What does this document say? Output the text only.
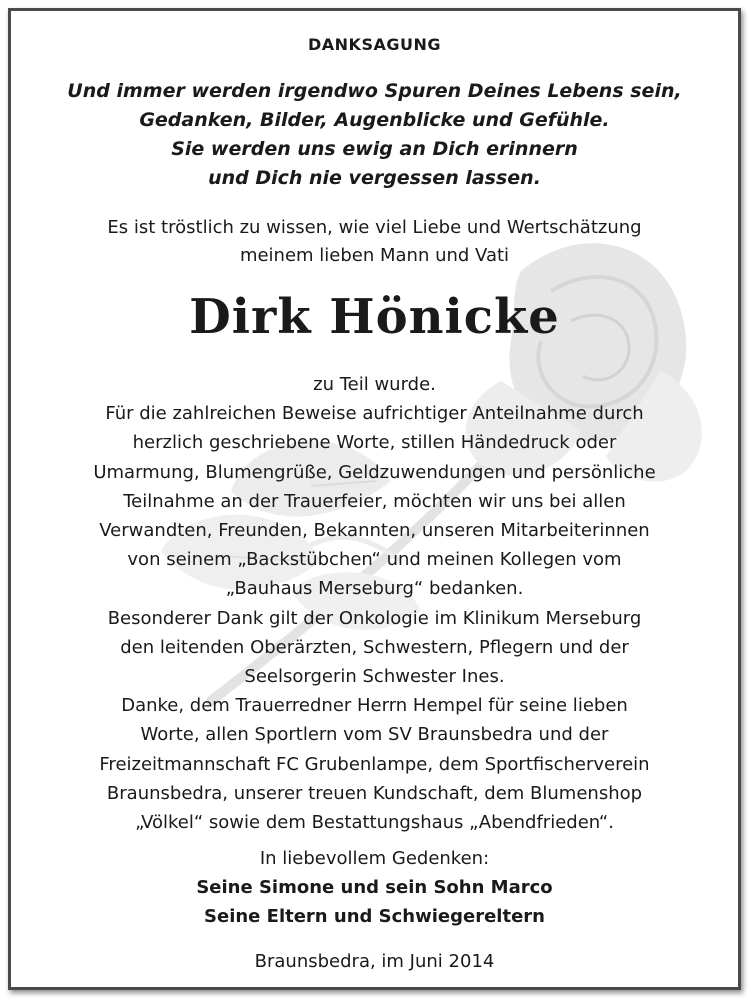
DANKSAGUNG
Und immer werden irgendwo Spuren Deines Lebens sein,
Gedanken, Bilder, Augenblicke und Gefühle.
Sie werden uns ewig an Dich erinnern
und Dich nie vergessen lassen.
Es ist tröstlich zu wissen, wie viel Liebe und Wertschätzung
meinem lieben Mann und Vati
Dirk Hönicke
zu Teil wurde.
Für die zahlreichen Beweise aufrichtiger Anteilnahme durch
herzlich geschriebene Worte, stillen Händedruck oder
Umarmung, Blumengrüße, Geldzuwendungen und persönliche
Teilnahme an der Trauerfeier, möchten wir uns bei allen
Verwandten, Freunden, Bekannten, unseren Mitarbeiterinnen
von seinem „Backstübchen“ und meinen Kollegen vom
„Bauhaus Merseburg“ bedanken.
Besonderer Dank gilt der Onkologie im Klinikum Merseburg
den leitenden Oberärzten, Schwestern, Pflegern und der
Seelsorgerin Schwester Ines.
Danke, dem Trauerredner Herrn Hempel für seine lieben
Worte, allen Sportlern vom SV Braunsbedra und der
Freizeitmannschaft FC Grubenlampe, dem Sportfischerverein
Braunsbedra, unserer treuen Kundschaft, dem Blumenshop
„Völkel“ sowie dem Bestattungshaus „Abendfrieden“.
In liebevollem Gedenken:
Seine Simone und sein Sohn Marco
Seine Eltern und Schwiegereltern
Braunsbedra, im Juni 2014
